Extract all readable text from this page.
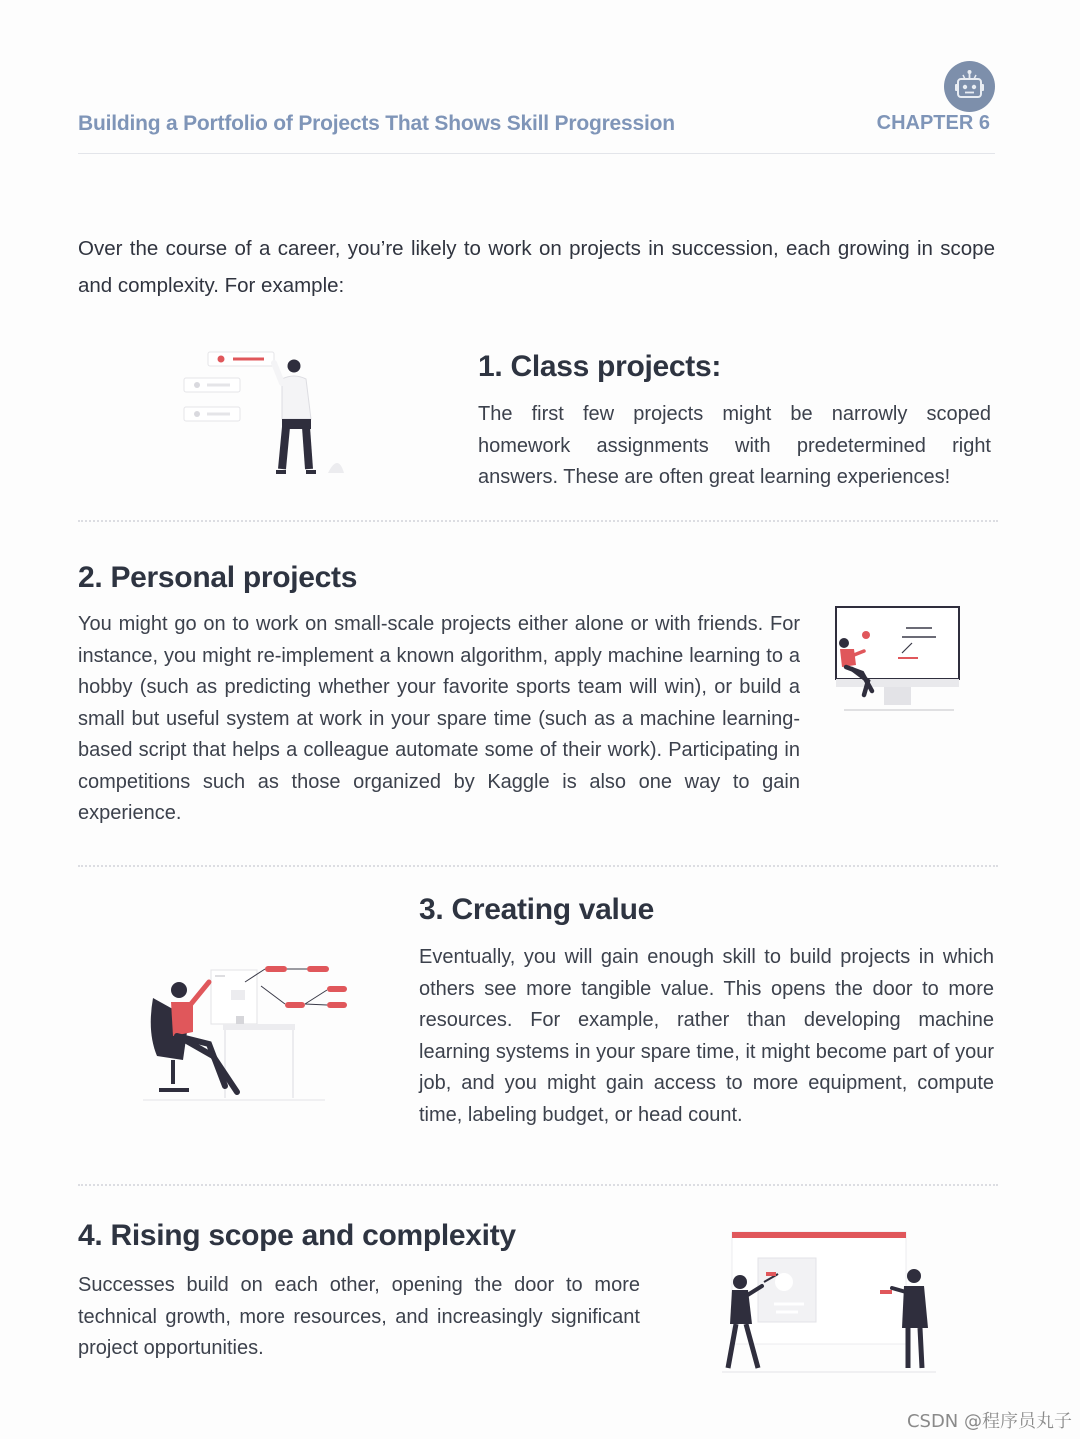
Building a Portfolio of Projects That Shows Skill Progression	CHAPTER 6
Over the course of a career, you’re likely to work on projects in succession, each growing in scope and complexity. For example:
1. Class projects:
The first few projects might be narrowly scoped homework assignments with predetermined right answers. These are often great learning experiences!
2. Personal projects
You might go on to work on small-scale projects either alone or with friends. For instance, you might re-implement a known algorithm, apply machine learning to a hobby (such as predicting whether your favorite sports team will win), or build a small but useful system at work in your spare time (such as a machine learning-based script that helps a colleague automate some of their work). Participating in competitions such as those organized by Kaggle is also one way to gain experience.
3. Creating value
Eventually, you will gain enough skill to build projects in which others see more tangible value. This opens the door to more resources. For example, rather than developing machine learning systems in your spare time, it might become part of your job, and you might gain access to more equipment, compute time, labeling budget, or head count.
4. Rising scope and complexity
Successes build on each other, opening the door to more technical growth, more resources, and increasingly significant project opportunities.
CSDN @程序员丸子
